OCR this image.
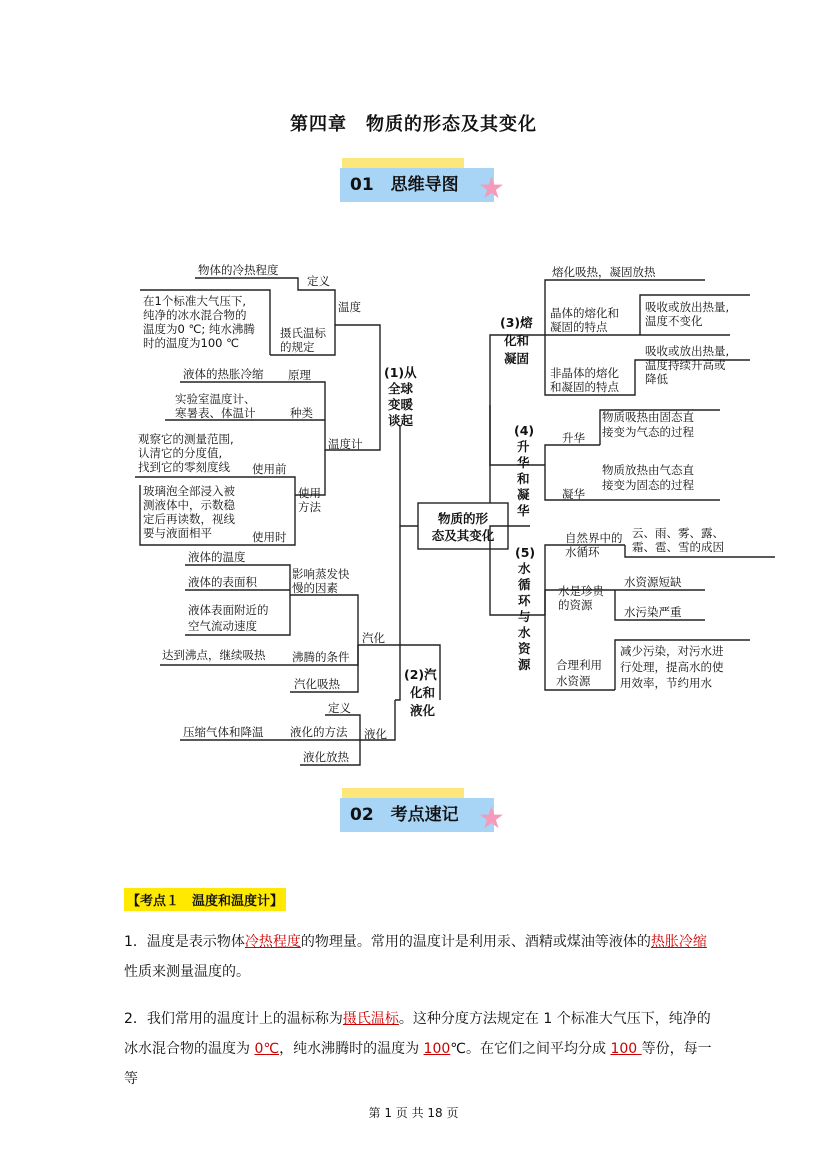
第四章　物质的形态及其变化
01　思维导图 ★
物质的形
态及其变化
(1)从
全球
变暖
谈起
温度
定义
物体的冷热程度
摄氏温标
的规定
在1个标准大气压下,
纯净的冰水混合物的
温度为0 ℃; 纯水沸腾
时的温度为100 ℃
温度计
原理
液体的热胀冷缩
种类
实验室温度计、
寒暑表、体温计
使用
方法
使用前
观察它的测量范围,
认清它的分度值,
找到它的零刻度线
使用时
玻璃泡全部浸入被
测液体中，示数稳
定后再读数，视线
要与液面相平
(2)汽
化和
液化
汽化
影响蒸发快
慢的因素
液体的温度
液体的表面积
液体表面附近的
空气流动速度
沸腾的条件
达到沸点，继续吸热
汽化吸热
液化
定义
液化的方法
压缩气体和降温
液化放热
(3)熔
化和
凝固
熔化吸热，凝固放热
晶体的熔化和
凝固的特点
吸收或放出热量,
温度不变化
非晶体的熔化
和凝固的特点
吸收或放出热量,
温度持续升高或
降低
(4)
升
华
和
凝
华
升华
物质吸热由固态直
接变为气态的过程
凝华
物质放热由气态直
接变为固态的过程
(5)
水
循
环
与
水
资
源
自然界中的
水循环
云、雨、雾、露、
霜、雹、雪的成因
水是珍贵
的资源
水资源短缺
水污染严重
合理利用
水资源
减少污染，对污水进
行处理，提高水的使
用效率，节约用水
02　考点速记 ★
【考点１　温度和温度计】
1．温度是表示物体冷热程度的物理量。常用的温度计是利用汞、酒精或煤油等液体的热胀冷缩
性质来测量温度的。
2．我们常用的温度计上的温标称为摄氏温标。这种分度方法规定在 1 个标准大气压下，纯净的
冰水混合物的温度为 0℃，纯水沸腾时的温度为 100℃。在它们之间平均分成 100 等份，每一等
第 1 页 共 18 页
